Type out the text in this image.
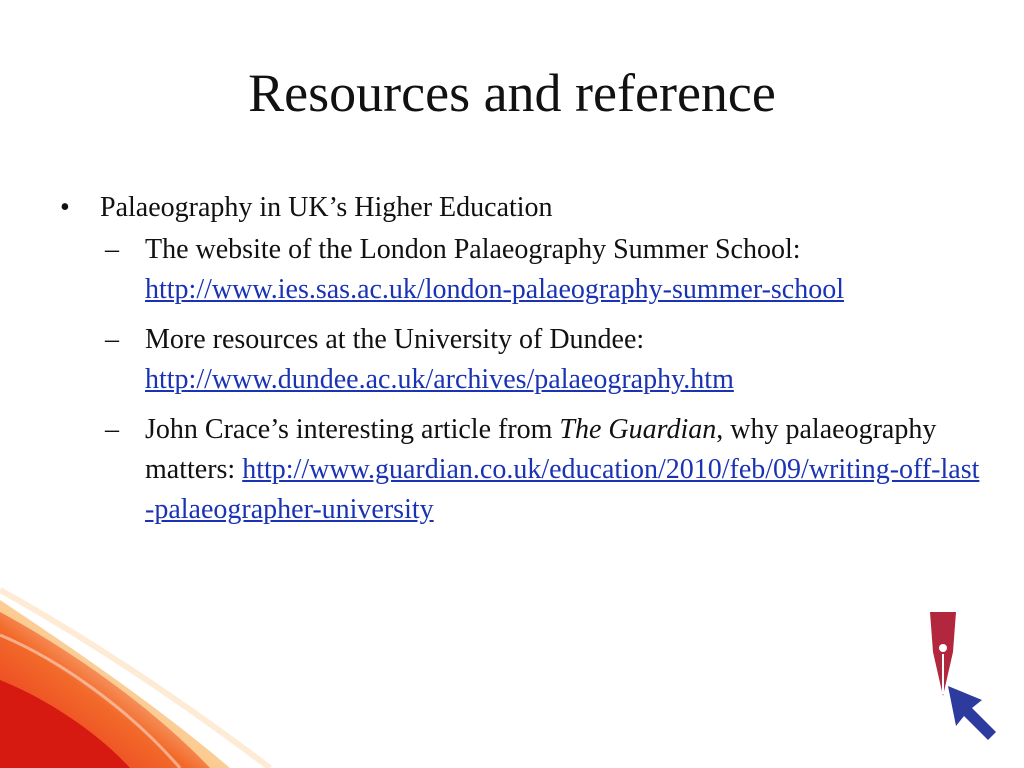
Resources and reference
•	Palaeography in UK’s Higher Education
– The website of the London Palaeography Summer School: http://www.ies.sas.ac.uk/london-palaeography-summer-school
– More resources at the University of Dundee: http://www.dundee.ac.uk/archives/palaeography.htm
– John Crace’s interesting article from The Guardian, why palaeography matters: http://www.guardian.co.uk/education/2010/feb/09/writing-off-last-palaeographer-university
